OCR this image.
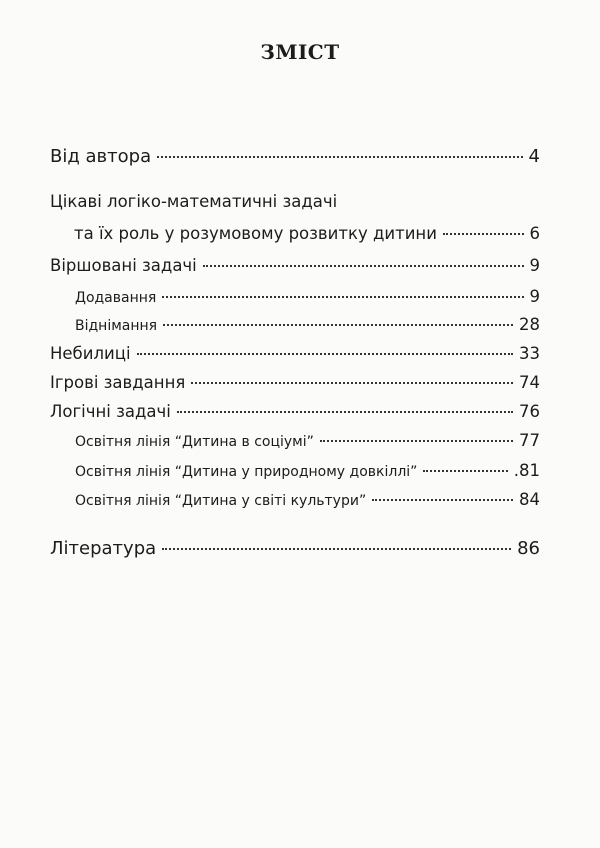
ЗМІСТ
Від автора	4
Цікаві логіко-математичні задачі
та їх роль у розумовому розвитку дитини	6
Віршовані задачі	9
Додавання	9
Віднімання	28
Небилиці	33
Ігрові завдання	74
Логічні задачі	76
Освітня лінія “Дитина в соціумі”	77
Освітня лінія “Дитина у природному довкіллі”	.81
Освітня лінія “Дитина у світі культури”	84
Література	86
